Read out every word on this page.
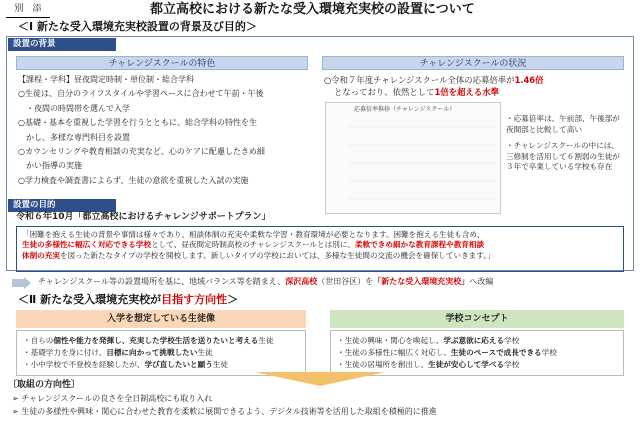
別　添	都立高校における新たな受入環境充実校の設置について
＜Ⅰ 新たな受入環境充実校設置の背景及び目的＞
設置の背景
チャレンジスクールの特色
【課程・学科】昼夜間定時制・単位制・総合学科
○生徒は、自分のライフスタイルや学習ペースに合わせて午前・午後
・夜間の時間帯を選んで入学
○基礎・基本を重視した学習を行うとともに、総合学科の特性を生
かし、多様な専門科目を設置
○カウンセリングや教育相談の充実など、心のケアに配慮したきめ細
かい指導の実施
○学力検査や調査書によらず、生徒の意欲を重視した入試の実施
チャレンジスクールの状況
○令和７年度チャレンジスクール全体の応募倍率が1.46倍
となっており、依然として1倍を超える水準
応募倍率推移（チャレンジスクール）
・応募倍率は、午前部、午後部が夜間部と比較して高い
・チャレンジスクールの中には、三修制を活用して６割弱の生徒が３年で卒業している学校も存在
設置の目的
令和６年10月「都立高校におけるチャレンジサポートプラン」
「困難を抱える生徒の背景や事情は様々であり、相談体制の充実や柔軟な学習・教育環境が必要となります。困難を抱える生徒も含め、
生徒の多様性に幅広く対応できる学校として、昼夜間定時制高校のチャレンジスクールとは別に、柔軟できめ細かな教育課程や教育相談
体制の充実を図った新たなタイプの学校を開校します。新しいタイプの学校においては、多様な生徒間の交流の機会を確保していきます。」
チャレンジスクール等の設置場所を基に、地域バランス等を踏まえ、深沢高校（世田谷区）を「新たな受入環境充実校」へ改編
＜Ⅱ 新たな受入環境充実校が目指す方向性＞
入学を想定している生徒像
・自らの個性や能力を発揮し、充実した学校生活を送りたいと考える生徒
・基礎学力を身に付け、目標に向かって挑戦したい生徒
・小中学校で不登校を経験したが、学び直したいと願う生徒
学校コンセプト
・生徒の興味・関心を喚起し、学ぶ意欲に応える学校
・生徒の多様性に幅広く対応し、生徒のペースで成長できる学校
・生徒の居場所を創出し、生徒が安心して学べる学校
〔取組の方向性〕
➢ チャレンジスクールの良さを全日制高校にも取り入れ
➢ 生徒の多様性や興味・関心に合わせた教育を柔軟に展開できるよう、デジタル技術等を活用した取組を積極的に推進
